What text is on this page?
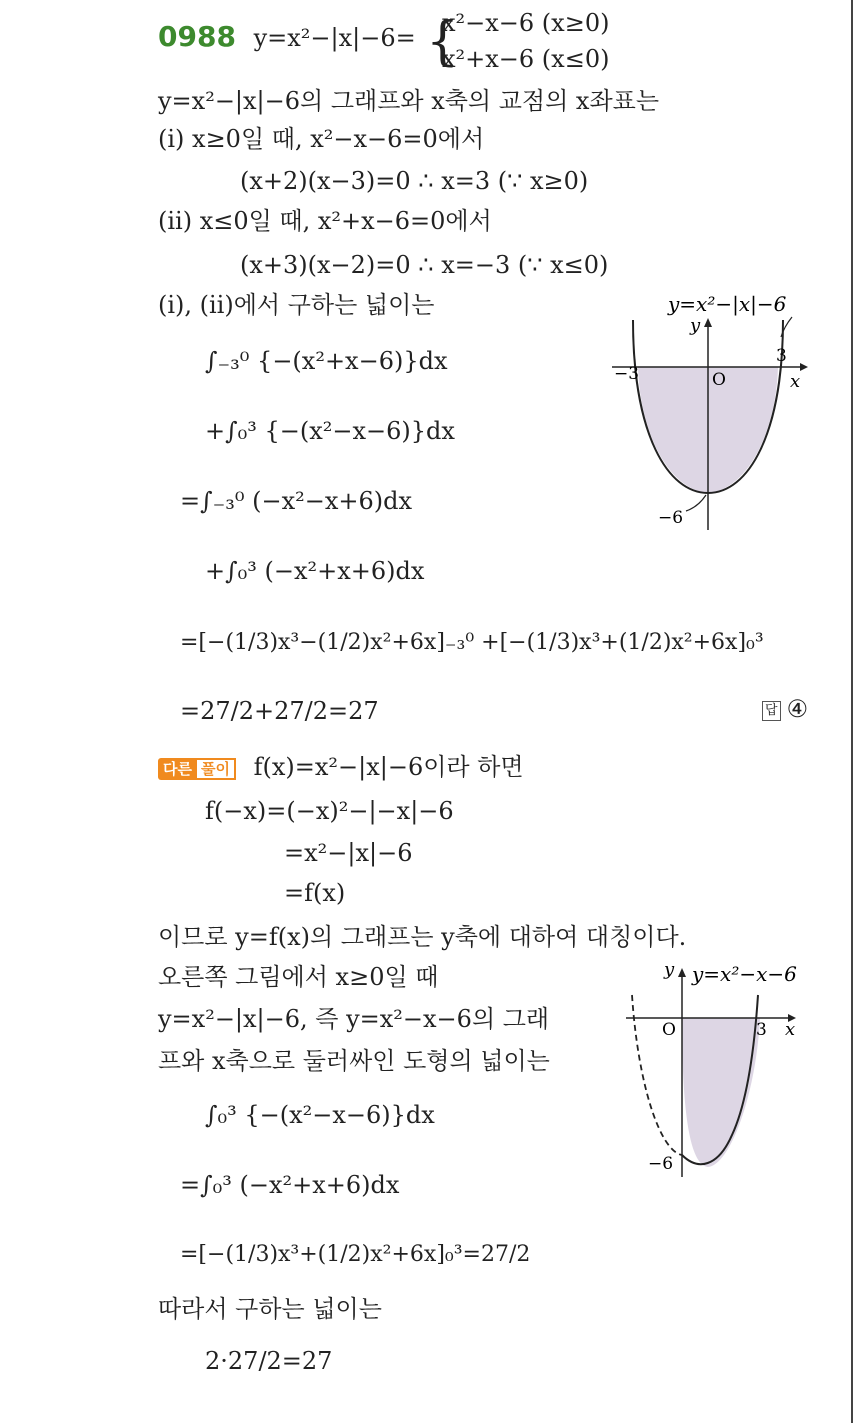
0988 y=x²−|x|−6= {
x²−x−6 (x≥0)
x²+x−6 (x≤0)
y=x²−|x|−6의 그래프와 x축의 교점의 x좌표는
(ⅰ) x≥0일 때, x²−x−6=0에서
(x+2)(x−3)=0 ∴ x=3 (∵ x≥0)
(ⅱ) x≤0일 때, x²+x−6=0에서
(x+3)(x−2)=0 ∴ x=−3 (∵ x≤0)
(ⅰ), (ⅱ)에서 구하는 넓이는
∫₋₃⁰ {−(x²+x−6)}dx
+∫₀³ {−(x²−x−6)}dx
=∫₋₃⁰ (−x²−x+6)dx
+∫₀³ (−x²+x+6)dx
=[−(1/3)x³−(1/2)x²+6x]₋₃⁰ +[−(1/3)x³+(1/2)x²+6x]₀³
=27/2+27/2=27	답 ④
y=x²−|x|−6
y
x
O
−3
3
−6
다른 풀이 f(x)=x²−|x|−6이라 하면
f(−x)=(−x)²−|−x|−6
=x²−|x|−6
=f(x)
이므로 y=f(x)의 그래프는 y축에 대하여 대칭이다.
오른쪽 그림에서 x≥0일 때
y=x²−|x|−6, 즉 y=x²−x−6의 그래
프와 x축으로 둘러싸인 도형의 넓이는
∫₀³ {−(x²−x−6)}dx
=∫₀³ (−x²+x+6)dx
=[−(1/3)x³+(1/2)x²+6x]₀³=27/2
따라서 구하는 넓이는
2·27/2=27
y=x²−x−6
y
x
O	3
−6
